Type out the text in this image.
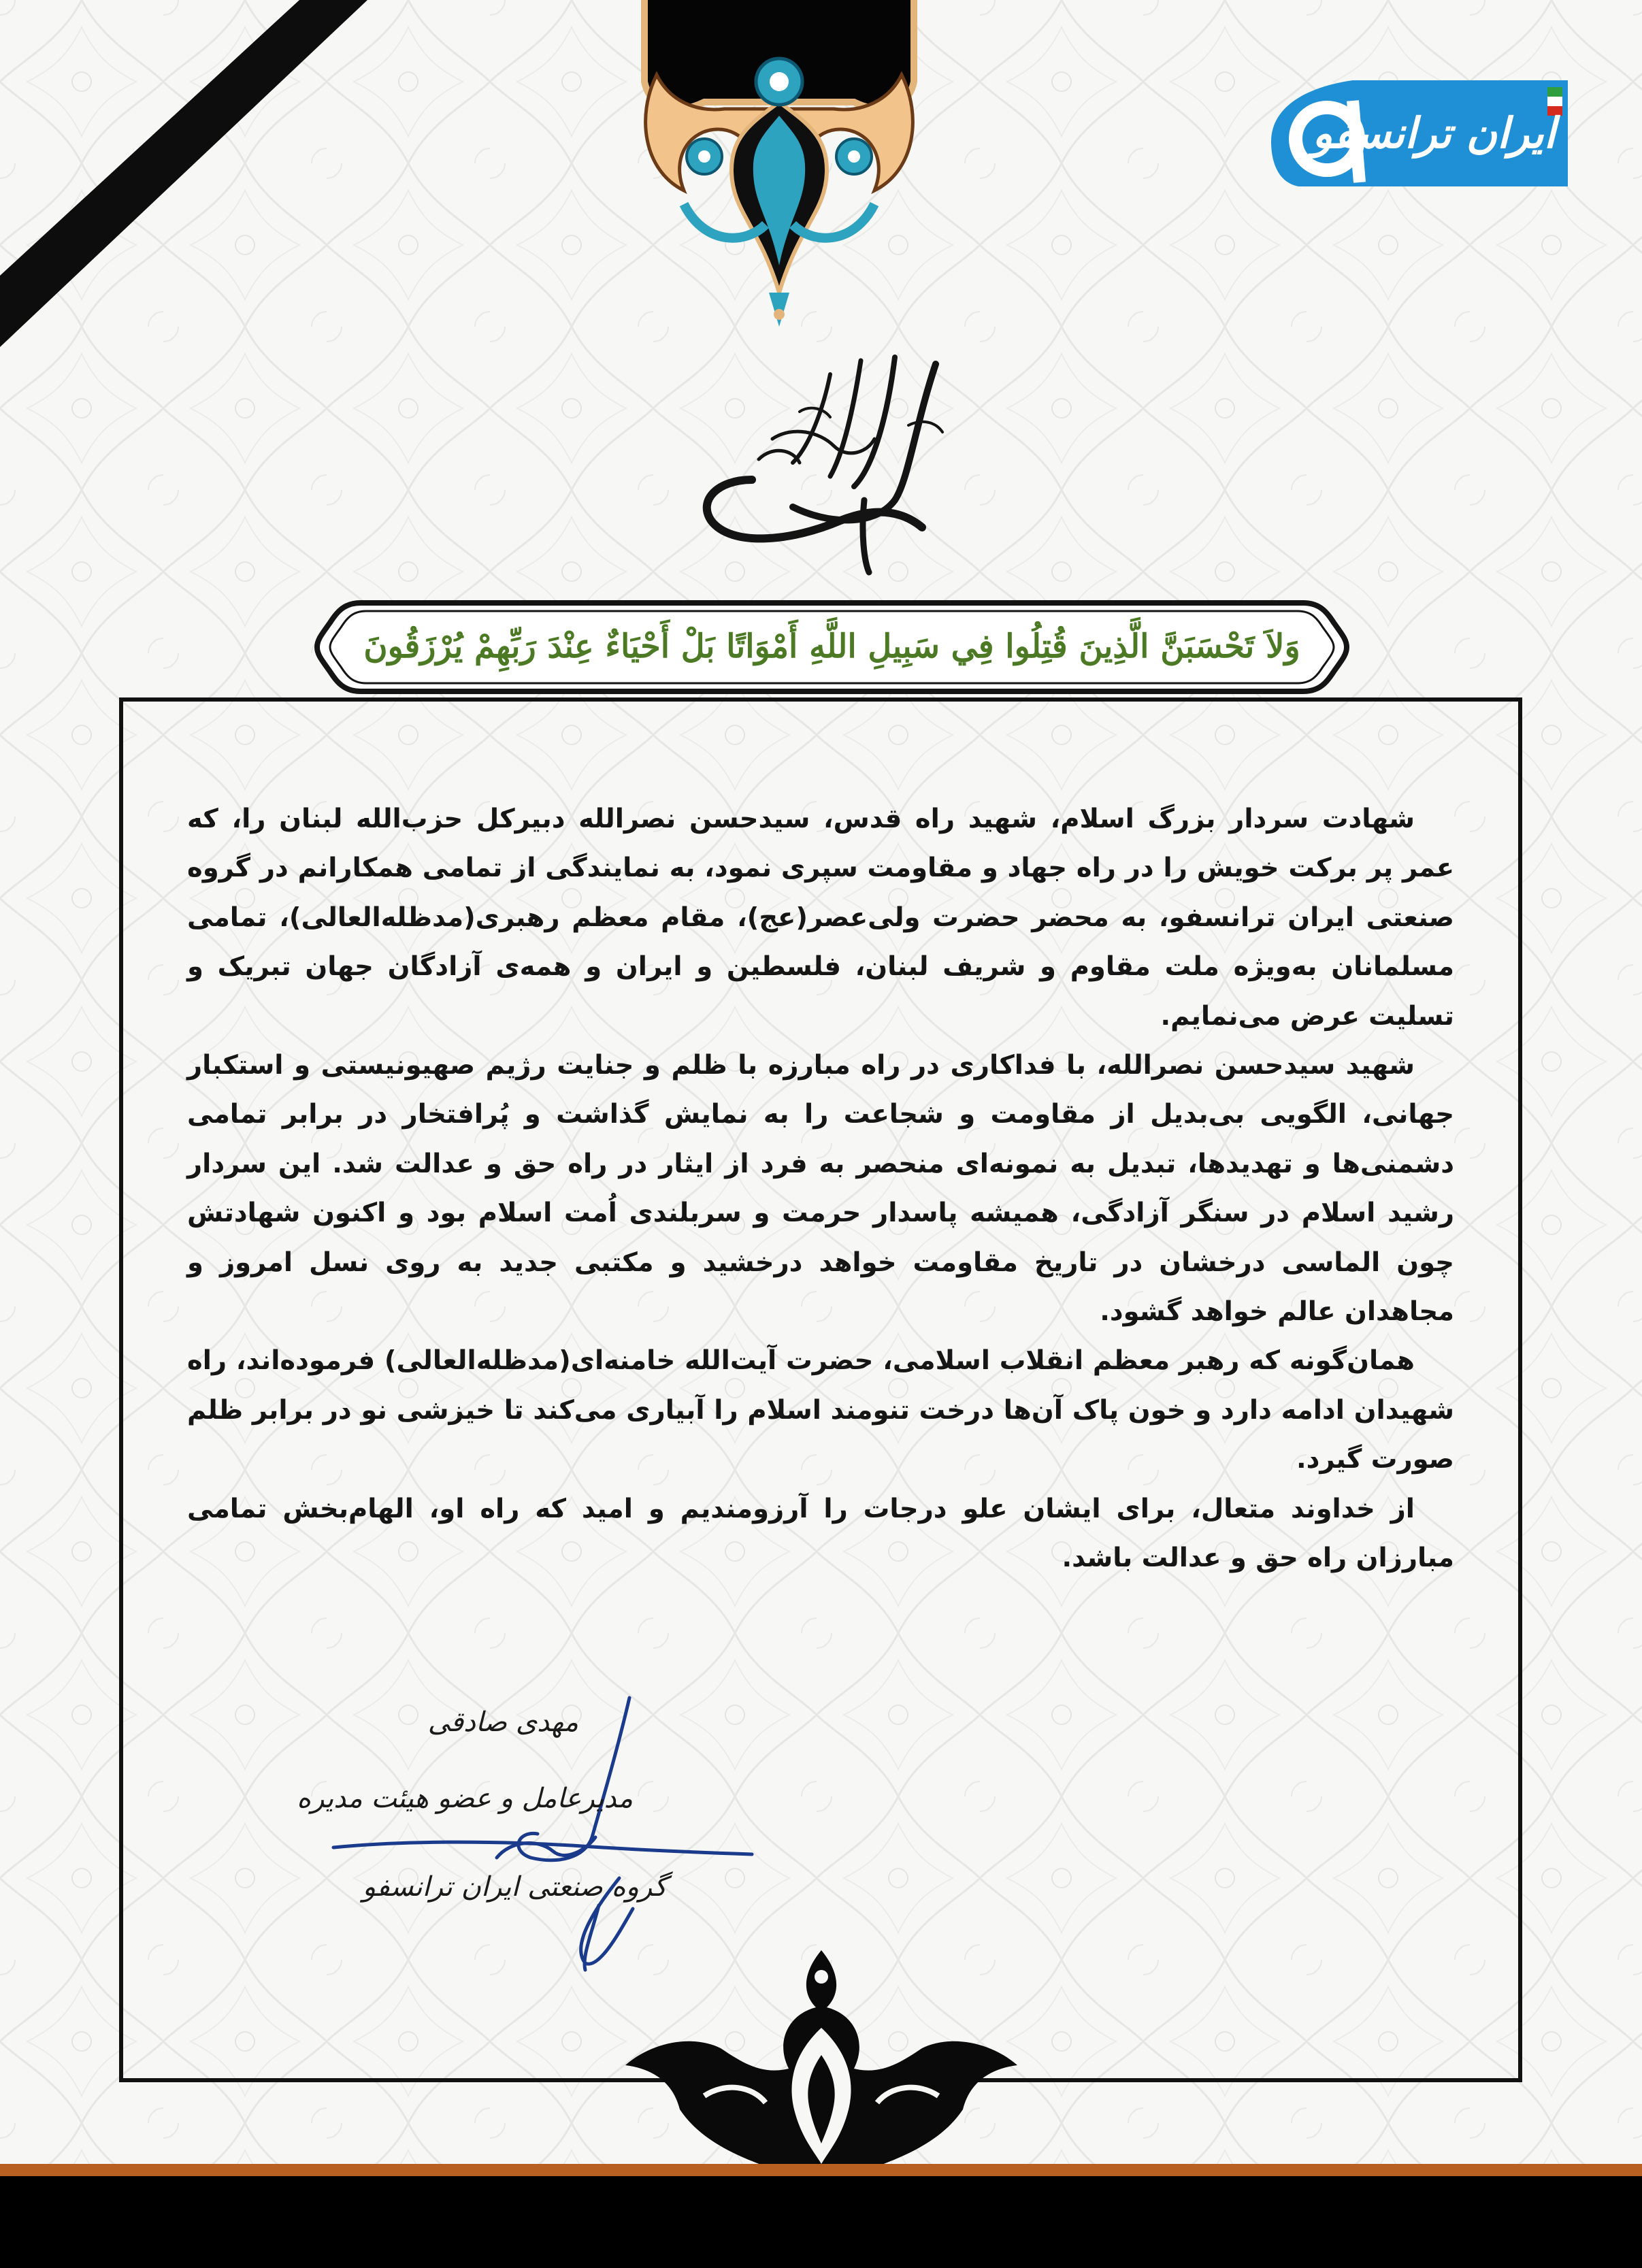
ایران ترانسفو
وَلاَ تَحْسَبَنَّ الَّذِينَ قُتِلُوا فِي سَبِيلِ اللَّهِ أَمْوَاتًا بَلْ أَحْيَاءٌ عِنْدَ رَبِّهِمْ يُرْزَقُونَ

شهادت سردار بزرگ اسلام، شهید راه قدس، سیدحسن نصرالله دبیرکل حزب‌الله لبنان را، که عمر پر برکت خویش را در راه جهاد و مقاومت سپری نمود، به نمایندگی از تمامی همکارانم در گروه صنعتی ایران ترانسفو، به محضر حضرت ولی‌عصر(عج)، مقام معظم رهبری(مدظله‌العالی)، تمامی مسلمانان به‌ویژه ملت مقاوم و شریف لبنان، فلسطین و ایران و همه‌ی آزادگان جهان تبریک و تسلیت عرض می‌نمایم.

شهید سیدحسن نصرالله، با فداکاری در راه مبارزه با ظلم و جنایت رژیم صهیونیستی و استکبار جهانی، الگویی بی‌بدیل از مقاومت و شجاعت را به نمایش گذاشت و پُرافتخار در برابر تمامی دشمنی‌ها و تهدیدها، تبدیل به نمونه‌ای منحصر به فرد از ایثار در راه حق و عدالت شد. این سردار رشید اسلام در سنگر آزادگی، همیشه پاسدار حرمت و سربلندی اُمت اسلام بود و اکنون شهادتش چون الماسی درخشان در تاریخ مقاومت خواهد درخشید و مکتبی جدید به روی نسل امروز و مجاهدان عالم خواهد گشود.

همان‌گونه که رهبر معظم انقلاب اسلامی، حضرت آیت‌الله خامنه‌ای(مدظله‌العالی) فرموده‌اند، راه شهیدان ادامه دارد و خون پاک آن‌ها درخت تنومند اسلام را آبیاری می‌کند تا خیزشی نو در برابر ظلم صورت گیرد.

از خداوند متعال، برای ایشان علو درجات را آرزومندیم و امید که راه او، الهام‌بخش تمامی مبارزان راه حق و عدالت باشد.

مهدی صادقی
مدیرعامل و عضو هیئت مدیره
گروه صنعتی ایران ترانسفو
